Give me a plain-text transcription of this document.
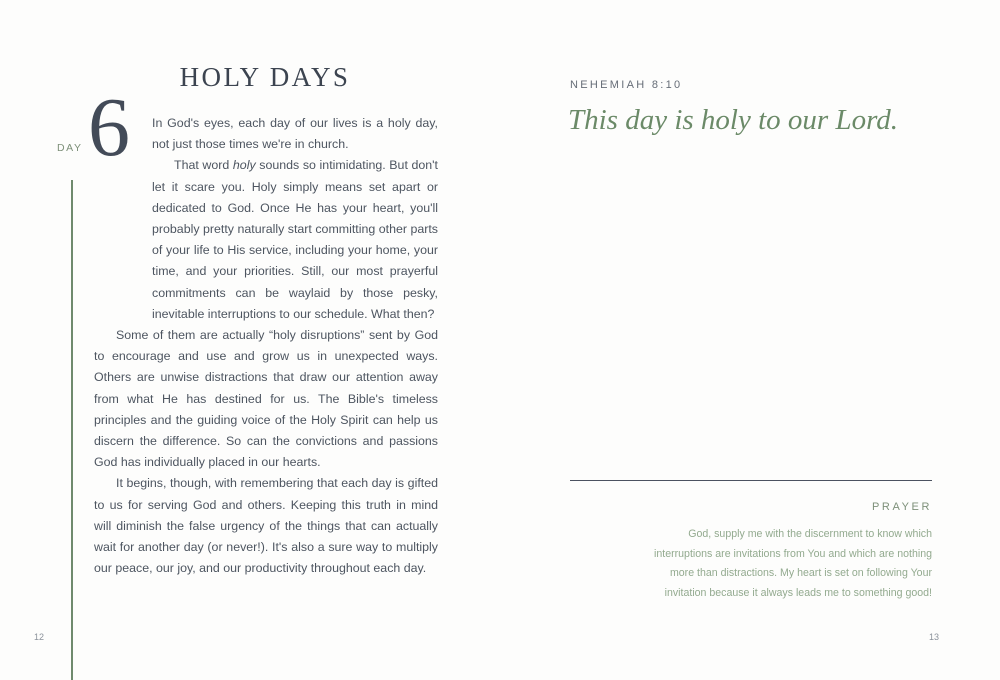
HOLY DAYS
DAY 6 In God's eyes, each day of our lives is a holy day, not just those times we're in church.

That word holy sounds so intimidating. But don't let it scare you. Holy simply means set apart or dedicated to God. Once He has your heart, you'll probably pretty naturally start committing other parts of your life to His service, including your home, your time, and your priorities. Still, our most prayerful commitments can be waylaid by those pesky, inevitable interruptions to our schedule. What then?

Some of them are actually “holy disruptions” sent by God to encourage and use and grow us in unexpected ways. Others are unwise distractions that draw our attention away from what He has destined for us. The Bible's timeless principles and the guiding voice of the Holy Spirit can help us discern the difference. So can the convictions and passions God has individually placed in our hearts.

It begins, though, with remembering that each day is gifted to us for serving God and others. Keeping this truth in mind will diminish the false urgency of the things that can actually wait for another day (or never!). It's also a sure way to multiply our peace, our joy, and our productivity throughout each day.

12
NEHEMIAH 8:10
This day is holy to our Lord.
PRAYER
God, supply me with the discernment to know which interruptions are invitations from You and which are nothing more than distractions. My heart is set on following Your invitation because it always leads me to something good!
13
